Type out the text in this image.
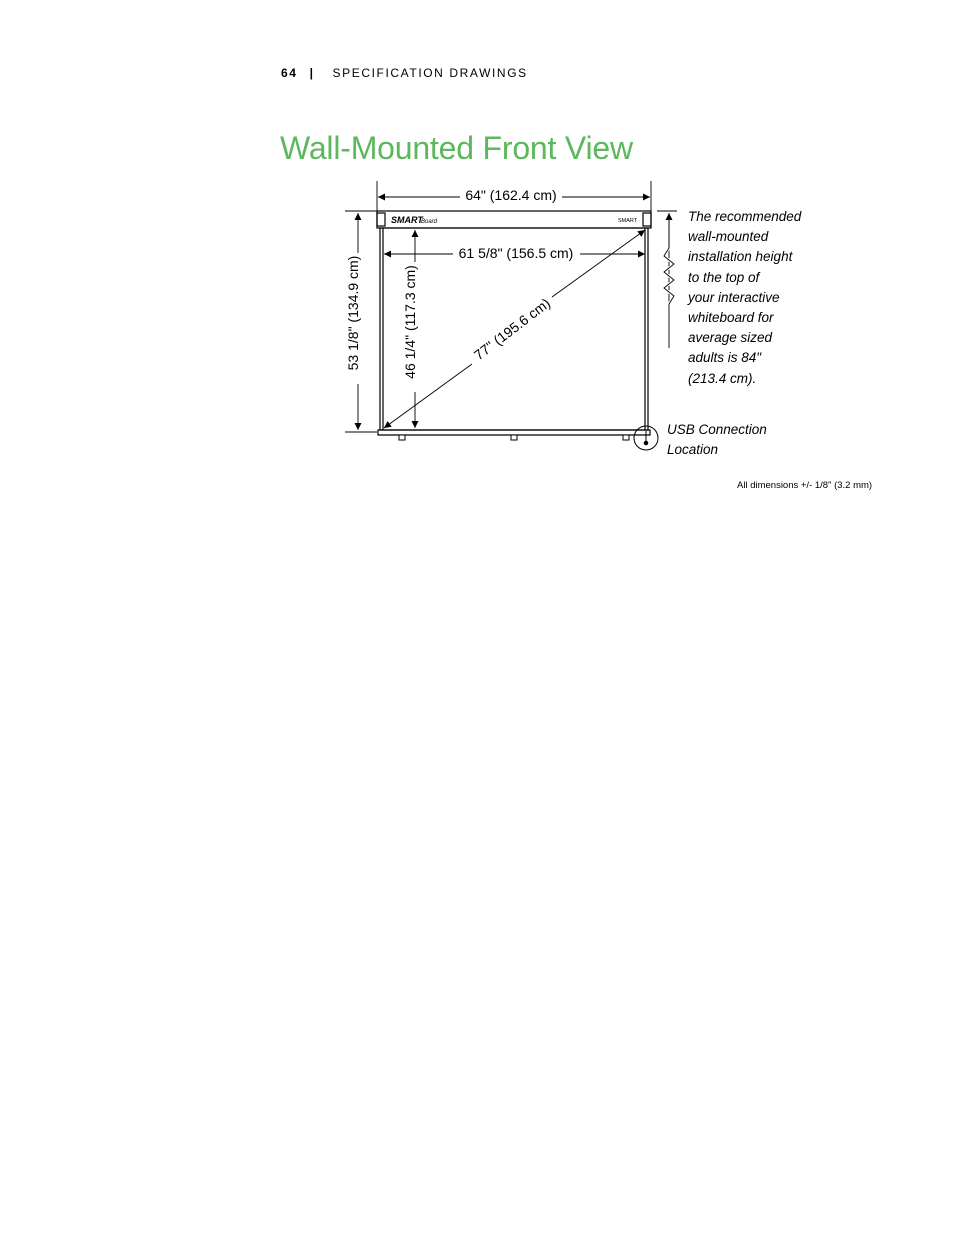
64 | SPECIFICATION DRAWINGS
Wall-Mounted Front View
SMART
Board	SMART
64" (162.4 cm)
61 5/8" (156.5 cm)
53 1/8" (134.9 cm)	46 1/4" (117.3 cm)	77" (195.6 cm)
The recommended
wall-mounted
installation height
to the top of
your interactive
whiteboard for
average sized
adults is 84"
(213.4 cm).
USB Connection
Location
All dimensions +/- 1/8" (3.2 mm)
